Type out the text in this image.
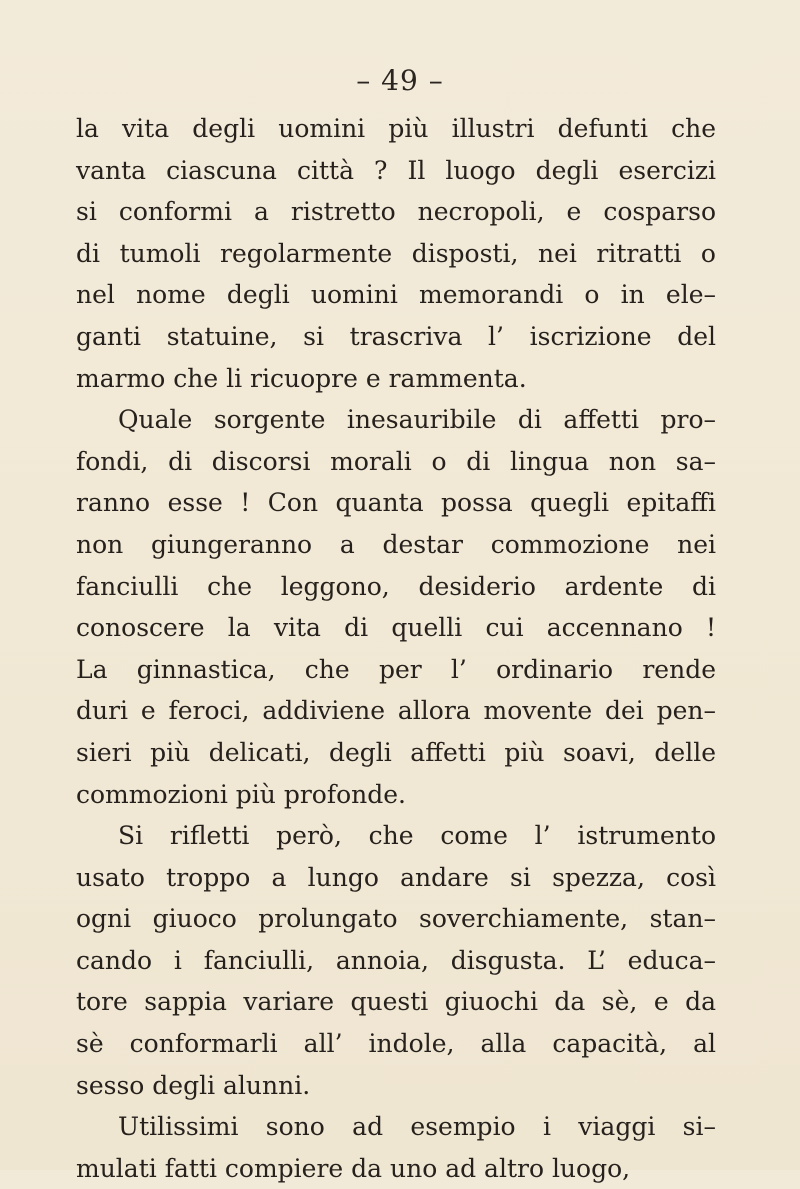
– 49 –
la vita degli uomini più illustri defunti che
vanta ciascuna città ? Il luogo degli esercizi
si conformi a ristretto necropoli, e cosparso
di tumoli regolarmente disposti, nei ritratti o
nel nome degli uomini memorandi o in ele–
ganti statuine, si trascriva l’ iscrizione del
marmo che li ricuopre e rammenta.
Quale sorgente inesauribile di affetti pro–
fondi, di discorsi morali o di lingua non sa–
ranno esse ! Con quanta possa quegli epitaffi
non giungeranno a destar commozione nei
fanciulli che leggono, desiderio ardente di
conoscere la vita di quelli cui accennano !
La ginnastica, che per l’ ordinario rende
duri e feroci, addiviene allora movente dei pen–
sieri più delicati, degli affetti più soavi, delle
commozioni più profonde.
Si rifletti però, che come l’ istrumento
usato troppo a lungo andare si spezza, così
ogni giuoco prolungato soverchiamente, stan–
cando i fanciulli, annoia, disgusta. L’ educa–
tore sappia variare questi giuochi da sè, e da
sè conformarli all’ indole, alla capacità, al
sesso degli alunni.
Utilissimi sono ad esempio i viaggi si–
mulati fatti compiere da uno ad altro luogo,
